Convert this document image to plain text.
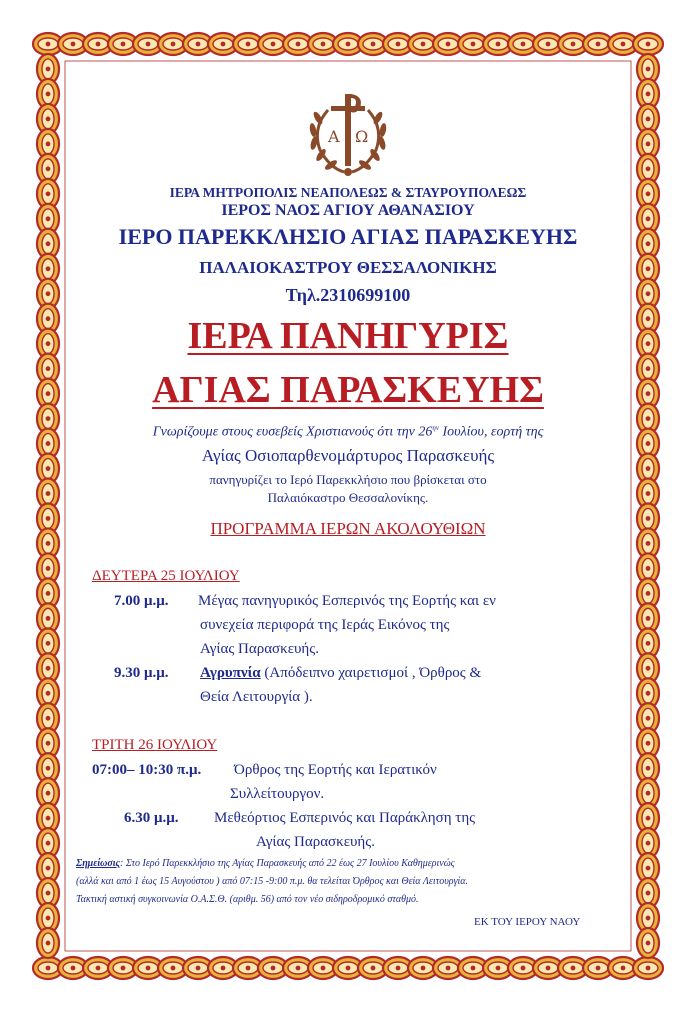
Α Ω
ΙΕΡΑ ΜΗΤΡΟΠΟΛΙΣ ΝΕΑΠΟΛΕΩΣ & ΣΤΑΥΡΟΥΠΟΛΕΩΣ
ΙΕΡΟΣ ΝΑΟΣ ΑΓΙΟΥ ΑΘΑΝΑΣΙΟΥ
ΙΕΡΟ ΠΑΡΕΚΚΛΗΣΙΟ ΑΓΙΑΣ ΠΑΡΑΣΚΕΥΗΣ
ΠΑΛΑΙΟΚΑΣΤΡΟΥ ΘΕΣΣΑΛΟΝΙΚΗΣ
Τηλ.2310699100
ΙΕΡΑ ΠΑΝΗΓΥΡΙΣ
ΑΓΙΑΣ ΠΑΡΑΣΚΕΥΗΣ
Γνωρίζουμε στους ευσεβείς Χριστιανούς ότι την $26^{\eta\nu}$ Ιουλίου, εορτή της
Αγίας Οσιοπαρθενομάρτυρος Παρασκευής
πανηγυρίζει το Ιερό Παρεκκλήσιο που βρίσκεται στο
Παλαιόκαστρο Θεσσαλονίκης.
ΠΡΟΓΡΑΜΜΑ ΙΕΡΩΝ ΑΚΟΛΟΥΘΙΩΝ
ΔΕΥΤΕΡΑ 25 ΙΟΥΛΙΟΥ
7.00 μ.μ. Μέγας πανηγυρικός Εσπερινός της Εορτής και εν
συνεχεία περιφορά της Ιεράς Εικόνος της
Αγίας Παρασκευής.
9.30 μ.μ. Αγρυπνία (Απόδειπνο χαιρετισμοί , Όρθρος &
Θεία Λειτουργία ).
ΤΡΙΤΗ 26 ΙΟΥΛΙΟΥ
07:00– 10:30 π.μ. Όρθρος της Εορτής και Ιερατικόν
Συλλείτουργον.
6.30 μ.μ. Μεθεόρτιος Εσπερινός και Παράκληση της
Αγίας Παρασκευής.
Σημείωσις: Στο Ιερό Παρεκκλήσιο της Αγίας Παρασκευής από 22 έως 27 Ιουλίου Καθημερινώς
(αλλά και από 1 έως 15 Αυγούστου ) από 07:15 -9:00 π.μ. θα τελείται Όρθρος και Θεία Λειτουργία.
Τακτική αστική συγκοινωνία Ο.Α.Σ.Θ. (αριθμ. 56) από τον νέο σιδηροδρομικό σταθμό.
ΕΚ ΤΟΥ ΙΕΡΟΥ ΝΑΟΥ
